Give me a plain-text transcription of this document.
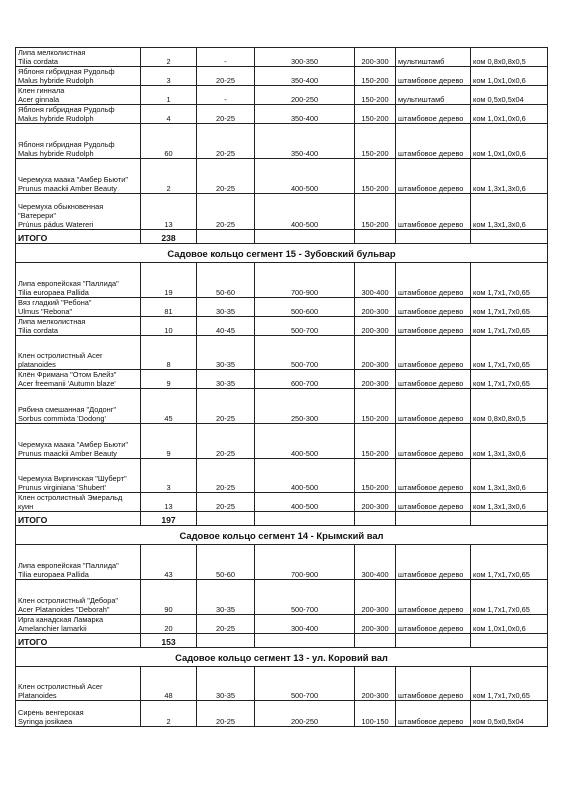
Липа мелколистная
Tilia cordata	2	-	300-350	200-300	мультиштамб	ком 0,8x0,8x0,5

Яблоня гибридная Рудольф
Malus hybride Rudolph	3	20-25	350-400	150-200	штамбовое дерево	ком 1,0x1,0x0,6

Клен гиннала
Acer ginnala	1	-	200-250	150-200	мультиштамб	ком 0,5x0,5x04

Яблоня гибридная Рудольф
Malus hybride Rudolph	4	20-25	350-400	150-200	штамбовое дерево	ком 1,0x1,0x0,6

Яблоня гибридная Рудольф
Malus hybride Rudolph	60	20-25	350-400	150-200	штамбовое дерево	ком 1,0x1,0x0,6

Черемуха маака "Амбер Бьюти"
Prunus maackii Amber Beauty	2	20-25	400-500	150-200	штамбовое дерево	ком 1,3x1,3x0,6

Черемуха обыкновенная
"Ватерери"
Prúnus pádus Watereri	13	20-25	400-500	150-200	штамбовое дерево	ком 1,3x1,3x0,6
ИТОГО	238					
Садовое кольцо сегмент 15 - Зубовский бульвар						

Липа европейская "Паллида"
Tilia europaea Pallida	19	50-60	700-900	300-400	штамбовое дерево	ком 1,7x1,7x0,65

Вяз гладкий "Ребона"
Ulmus "Rebona"	81	30-35	500-600	200-300	штамбовое дерево	ком 1,7x1,7x0,65

Липа мелколистная
Tilia cordata	10	40-45	500-700	200-300	штамбовое дерево	ком 1,7x1,7x0,65

Клен остролистный Acer
platanoides	8	30-35	500-700	200-300	штамбовое дерево	ком 1,7x1,7x0,65

Клён Фримана "Отом Блейз"
Acer freemanii 'Autumn blaze'	9	30-35	600-700	200-300	штамбовое дерево	ком 1,7x1,7x0,65

Рябина смешанная "Додонг"
Sorbus commixta 'Dodong'	45	20-25	250-300	150-200	штамбовое дерево	ком 0,8x0,8x0,5

Черемуха маака "Амбер Бьюти"
Prunus maackii Amber Beauty	9	20-25	400-500	150-200	штамбовое дерево	ком 1,3x1,3x0,6

Черемуха Виргинская "Шуберт"
Prunus virginiana 'Shubert'	3	20-25	400-500	150-200	штамбовое дерево	ком 1,3x1,3x0,6

Клен остролистный Эмеральд
куин	13	20-25	400-500	200-300	штамбовое дерево	ком 1,3x1,3x0,6
ИТОГО	197					
Садовое кольцо сегмент 14 - Крымский вал						

Липа европейская "Паллида"
Tilia europaea Pallida	43	50-60	700-900	300-400	штамбовое дерево	ком 1,7x1,7x0,65

Клен остролистный "Дебора"
Acer Platanoides "Deborah"	90	30-35	500-700	200-300	штамбовое дерево	ком 1,7x1,7x0,65

Ирга канадская Ламарка
Amelanchier lamarkii	20	20-25	300-400	200-300	штамбовое дерево	ком 1,0x1,0x0,6
ИТОГО	153					
Садовое кольцо сегмент 13 - ул. Коровий вал						

Клен остролистный Acer
Platanoides	48	30-35	500-700	200-300	штамбовое дерево	ком 1,7x1,7x0,65

Сирень венгерская
Syringa josikaea	2	20-25	200-250	100-150	штамбовое дерево	ком 0,5x0,5x04
